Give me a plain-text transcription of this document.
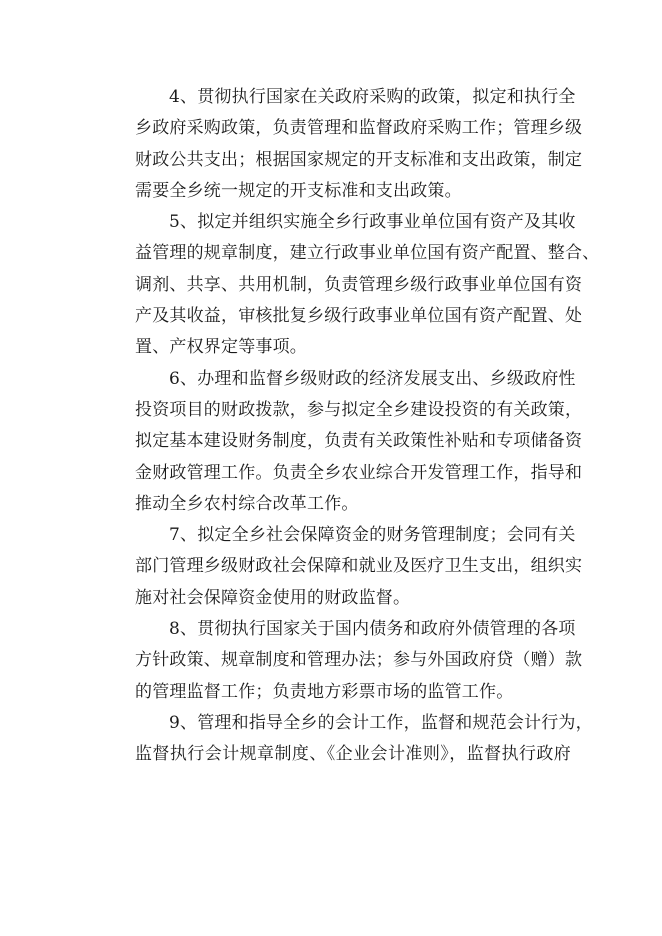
4、贯彻执行国家在关政府采购的政策，拟定和执行全
乡政府采购政策，负责管理和监督政府采购工作；管理乡级
财政公共支出；根据国家规定的开支标准和支出政策，制定
需要全乡统一规定的开支标准和支出政策。
5、拟定并组织实施全乡行政事业单位国有资产及其收
益管理的规章制度，建立行政事业单位国有资产配置、整合、
调剂、共享、共用机制，负责管理乡级行政事业单位国有资
产及其收益，审核批复乡级行政事业单位国有资产配置、处
置、产权界定等事项。
6、办理和监督乡级财政的经济发展支出、乡级政府性
投资项目的财政拨款，参与拟定全乡建设投资的有关政策，
拟定基本建设财务制度，负责有关政策性补贴和专项储备资
金财政管理工作。负责全乡农业综合开发管理工作，指导和
推动全乡农村综合改革工作。
7、拟定全乡社会保障资金的财务管理制度；会同有关
部门管理乡级财政社会保障和就业及医疗卫生支出，组织实
施对社会保障资金使用的财政监督。
8、贯彻执行国家关于国内债务和政府外债管理的各项
方针政策、规章制度和管理办法；参与外国政府贷（赠）款
的管理监督工作；负责地方彩票市场的监管工作。
9、管理和指导全乡的会计工作，监督和规范会计行为，
监督执行会计规章制度、《企业会计准则》，监督执行政府
